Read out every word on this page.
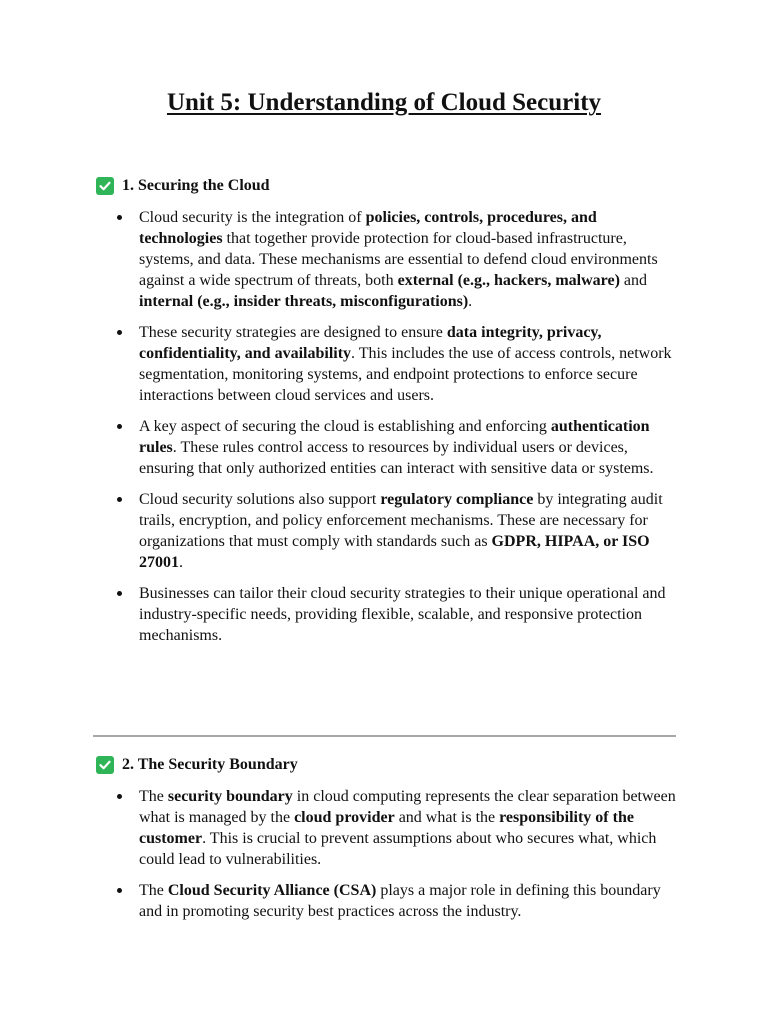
Unit 5: Understanding of Cloud Security
1. Securing the Cloud
Cloud security is the integration of policies, controls, procedures, and technologies that together provide protection for cloud-based infrastructure, systems, and data. These mechanisms are essential to defend cloud environments against a wide spectrum of threats, both external (e.g., hackers, malware) and internal (e.g., insider threats, misconfigurations).
These security strategies are designed to ensure data integrity, privacy, confidentiality, and availability. This includes the use of access controls, network segmentation, monitoring systems, and endpoint protections to enforce secure interactions between cloud services and users.
A key aspect of securing the cloud is establishing and enforcing authentication rules. These rules control access to resources by individual users or devices, ensuring that only authorized entities can interact with sensitive data or systems.
Cloud security solutions also support regulatory compliance by integrating audit trails, encryption, and policy enforcement mechanisms. These are necessary for organizations that must comply with standards such as GDPR, HIPAA, or ISO 27001.
Businesses can tailor their cloud security strategies to their unique operational and industry-specific needs, providing flexible, scalable, and responsive protection mechanisms.
2. The Security Boundary
The security boundary in cloud computing represents the clear separation between what is managed by the cloud provider and what is the responsibility of the customer. This is crucial to prevent assumptions about who secures what, which could lead to vulnerabilities.
The Cloud Security Alliance (CSA) plays a major role in defining this boundary and in promoting security best practices across the industry.
